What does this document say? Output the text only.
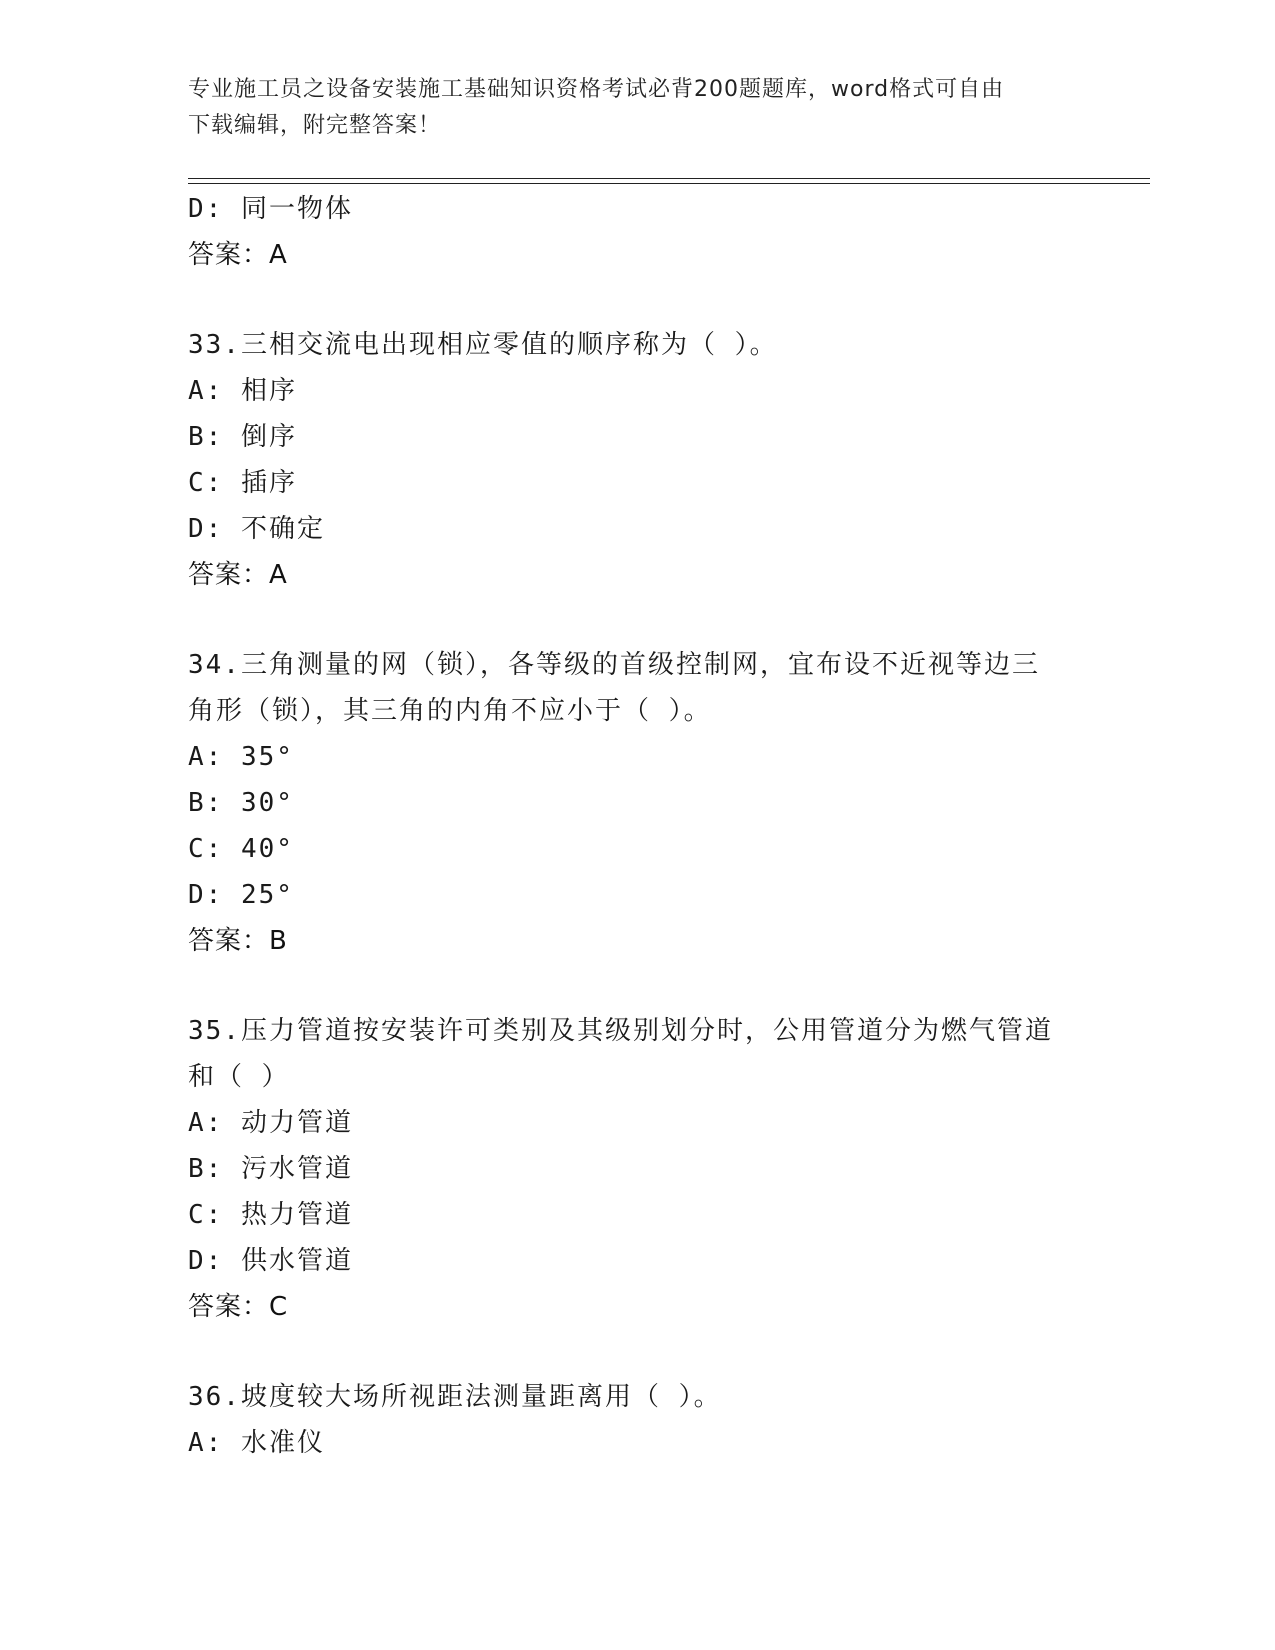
专业施工员之设备安装施工基础知识资格考试必背200题题库，word格式可自由
下载编辑，附完整答案！
D: 同一物体
答案：A
33.三相交流电出现相应零值的顺序称为（ ）。
A: 相序
B: 倒序
C: 插序
D: 不确定
答案：A
34.三角测量的网（锁），各等级的首级控制网，宜布设不近视等边三
角形（锁），其三角的内角不应小于（ ）。
A: 35°
B: 30°
C: 40°
D: 25°
答案：B
35.压力管道按安装许可类别及其级别划分时，公用管道分为燃气管道
和（ ）
A: 动力管道
B: 污水管道
C: 热力管道
D: 供水管道
答案：C
36.坡度较大场所视距法测量距离用（ ）。
A: 水准仪
